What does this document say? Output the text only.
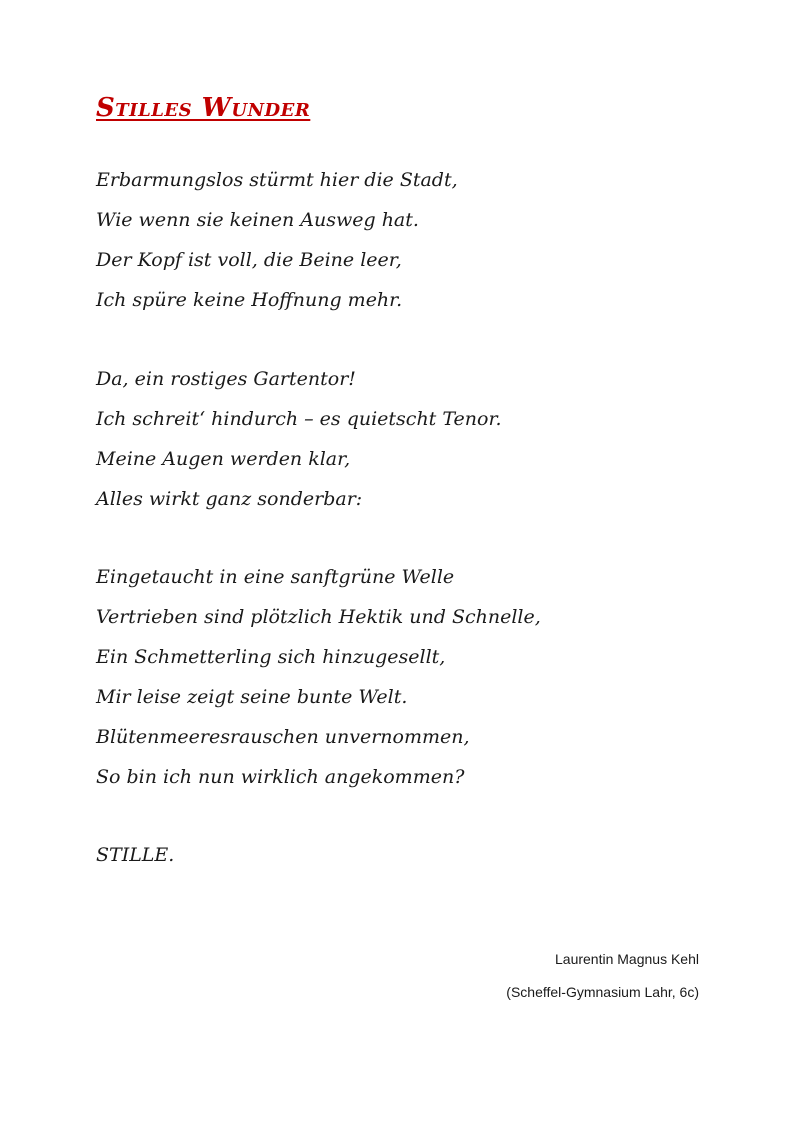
Stilles Wunder
Erbarmungslos stürmt hier die Stadt,
Wie wenn sie keinen Ausweg hat.
Der Kopf ist voll, die Beine leer,
Ich spüre keine Hoffnung mehr.
Da, ein rostiges Gartentor!
Ich schreit‘ hindurch – es quietscht Tenor.
Meine Augen werden klar,
Alles wirkt ganz sonderbar:
Eingetaucht in eine sanftgrüne Welle
Vertrieben sind plötzlich Hektik und Schnelle,
Ein Schmetterling sich hinzugesellt,
Mir leise zeigt seine bunte Welt.
Blütenmeeresrauschen unvernommen,
So bin ich nun wirklich angekommen?

STILLE.

Laurentin Magnus Kehl
(Scheffel-Gymnasium Lahr, 6c)
